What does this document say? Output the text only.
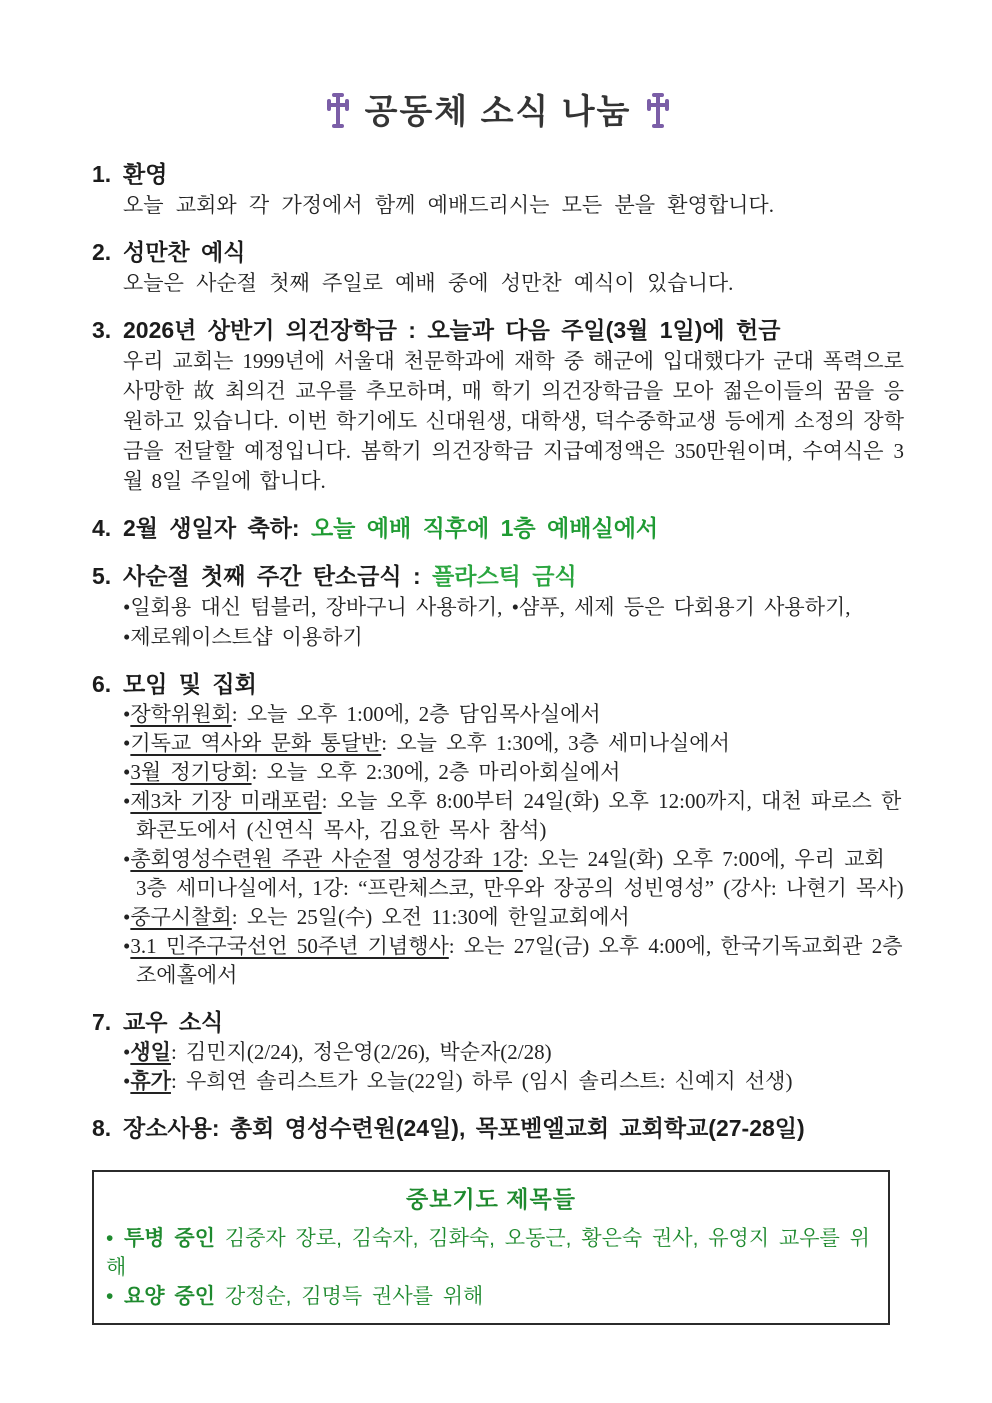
공동체 소식 나눔
1. 환영
오늘 교회와 각 가정에서 함께 예배드리시는 모든 분을 환영합니다.
2. 성만찬 예식
오늘은 사순절 첫째 주일로 예배 중에 성만찬 예식이 있습니다.
3. 2026년 상반기 의건장학금 : 오늘과 다음 주일(3월 1일)에 헌금
우리 교회는 1999년에 서울대 천문학과에 재학 중 해군에 입대했다가 군대 폭력으로 사망한 故 최의건 교우를 추모하며, 매 학기 의건장학금을 모아 젊은이들의 꿈을 응원하고 있습니다. 이번 학기에도 신대원생, 대학생, 덕수중학교생 등에게 소정의 장학금을 전달할 예정입니다. 봄학기 의건장학금 지급예정액은 350만원이며, 수여식은 3월 8일 주일에 합니다.
4. 2월 생일자 축하: 오늘 예배 직후에 1층 예배실에서
5. 사순절 첫째 주간 탄소금식 : 플라스틱 금식
•일회용 대신 텀블러, 장바구니 사용하기, •샴푸, 세제 등은 다회용기 사용하기,
•제로웨이스트샵 이용하기
6. 모임 및 집회
•장학위원회: 오늘 오후 1:00에, 2층 담임목사실에서
•기독교 역사와 문화 통달반: 오늘 오후 1:30에, 3층 세미나실에서
•3월 정기당회: 오늘 오후 2:30에, 2층 마리아회실에서
•제3차 기장 미래포럼: 오늘 오후 8:00부터 24일(화) 오후 12:00까지, 대천 파로스 한화콘도에서 (신연식 목사, 김요한 목사 참석)
•총회영성수련원 주관 사순절 영성강좌 1강: 오는 24일(화) 오후 7:00에, 우리 교회 3층 세미나실에서, 1강: “프란체스코, 만우와 장공의 성빈영성” (강사: 나현기 목사)
•중구시찰회: 오는 25일(수) 오전 11:30에 한일교회에서
•3.1 민주구국선언 50주년 기념행사: 오는 27일(금) 오후 4:00에, 한국기독교회관 2층 조에홀에서
7. 교우 소식
•생일: 김민지(2/24), 정은영(2/26), 박순자(2/28)
•휴가: 우희연 솔리스트가 오늘(22일) 하루 (임시 솔리스트: 신예지 선생)
8. 장소사용: 총회 영성수련원(24일), 목포벧엘교회 교회학교(27-28일)
중보기도 제목들
• 투병 중인 김중자 장로, 김숙자, 김화숙, 오동근, 황은숙 권사, 유영지 교우를 위해
• 요양 중인 강정순, 김명득 권사를 위해
